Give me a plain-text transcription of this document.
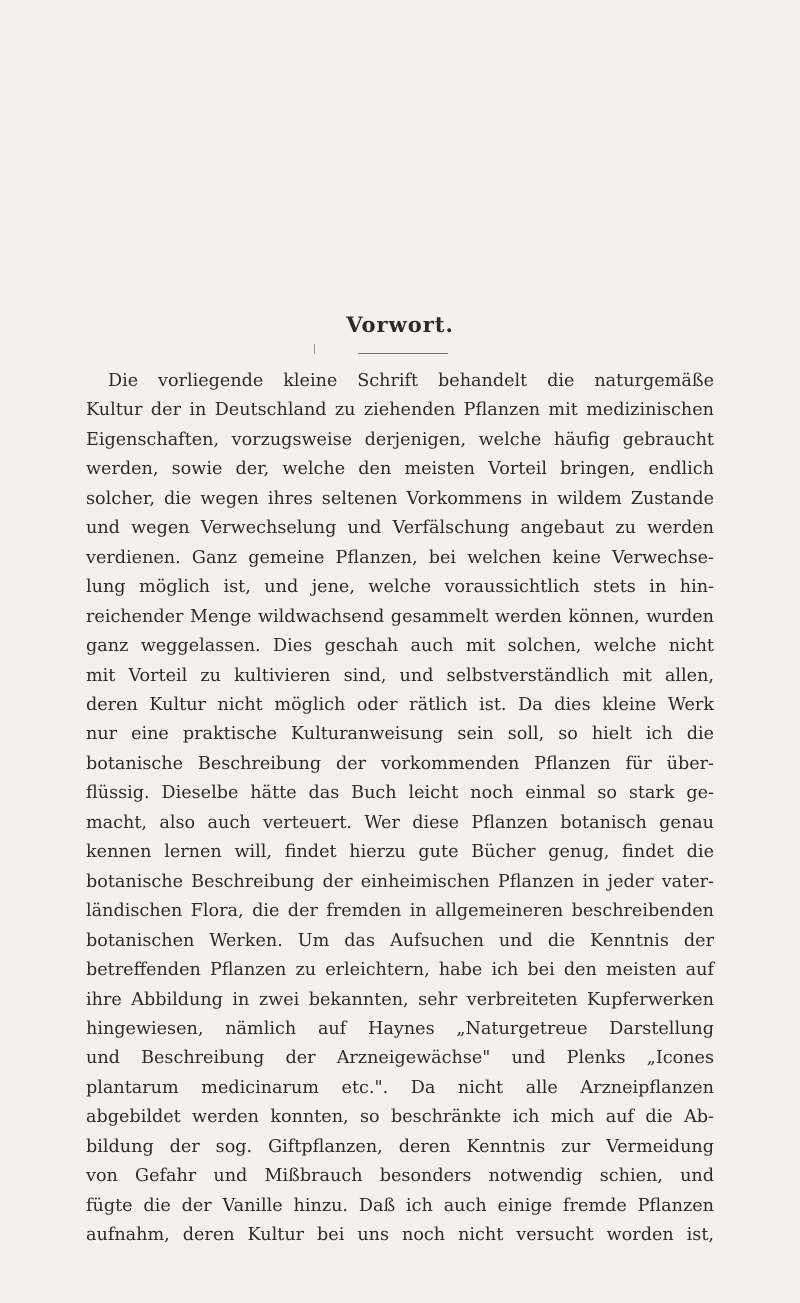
Vorwort.
Die vorliegende kleine Schrift behandelt die naturgemäße
Kultur der in Deutschland zu ziehenden Pflanzen mit medizinischen
Eigenschaften, vorzugsweise derjenigen, welche häufig gebraucht
werden, sowie der, welche den meisten Vorteil bringen, endlich
solcher, die wegen ihres seltenen Vorkommens in wildem Zustande
und wegen Verwechselung und Verfälschung angebaut zu werden
verdienen. Ganz gemeine Pflanzen, bei welchen keine Verwechse-
lung möglich ist, und jene, welche voraussichtlich stets in hin-
reichender Menge wildwachsend gesammelt werden können, wurden
ganz weggelassen. Dies geschah auch mit solchen, welche nicht
mit Vorteil zu kultivieren sind, und selbstverständlich mit allen,
deren Kultur nicht möglich oder rätlich ist. Da dies kleine Werk
nur eine praktische Kulturanweisung sein soll, so hielt ich die
botanische Beschreibung der vorkommenden Pflanzen für über-
flüssig. Dieselbe hätte das Buch leicht noch einmal so stark ge-
macht, also auch verteuert. Wer diese Pflanzen botanisch genau
kennen lernen will, findet hierzu gute Bücher genug, findet die
botanische Beschreibung der einheimischen Pflanzen in jeder vater-
ländischen Flora, die der fremden in allgemeineren beschreibenden
botanischen Werken. Um das Aufsuchen und die Kenntnis der
betreffenden Pflanzen zu erleichtern, habe ich bei den meisten auf
ihre Abbildung in zwei bekannten, sehr verbreiteten Kupferwerken
hingewiesen, nämlich auf Haynes „Naturgetreue Darstellung
und Beschreibung der Arzneigewächse" und Plenks „Icones
plantarum medicinarum etc.". Da nicht alle Arzneipflanzen
abgebildet werden konnten, so beschränkte ich mich auf die Ab-
bildung der sog. Giftpflanzen, deren Kenntnis zur Vermeidung
von Gefahr und Mißbrauch besonders notwendig schien, und
fügte die der Vanille hinzu. Daß ich auch einige fremde Pflanzen
aufnahm, deren Kultur bei uns noch nicht versucht worden ist,
